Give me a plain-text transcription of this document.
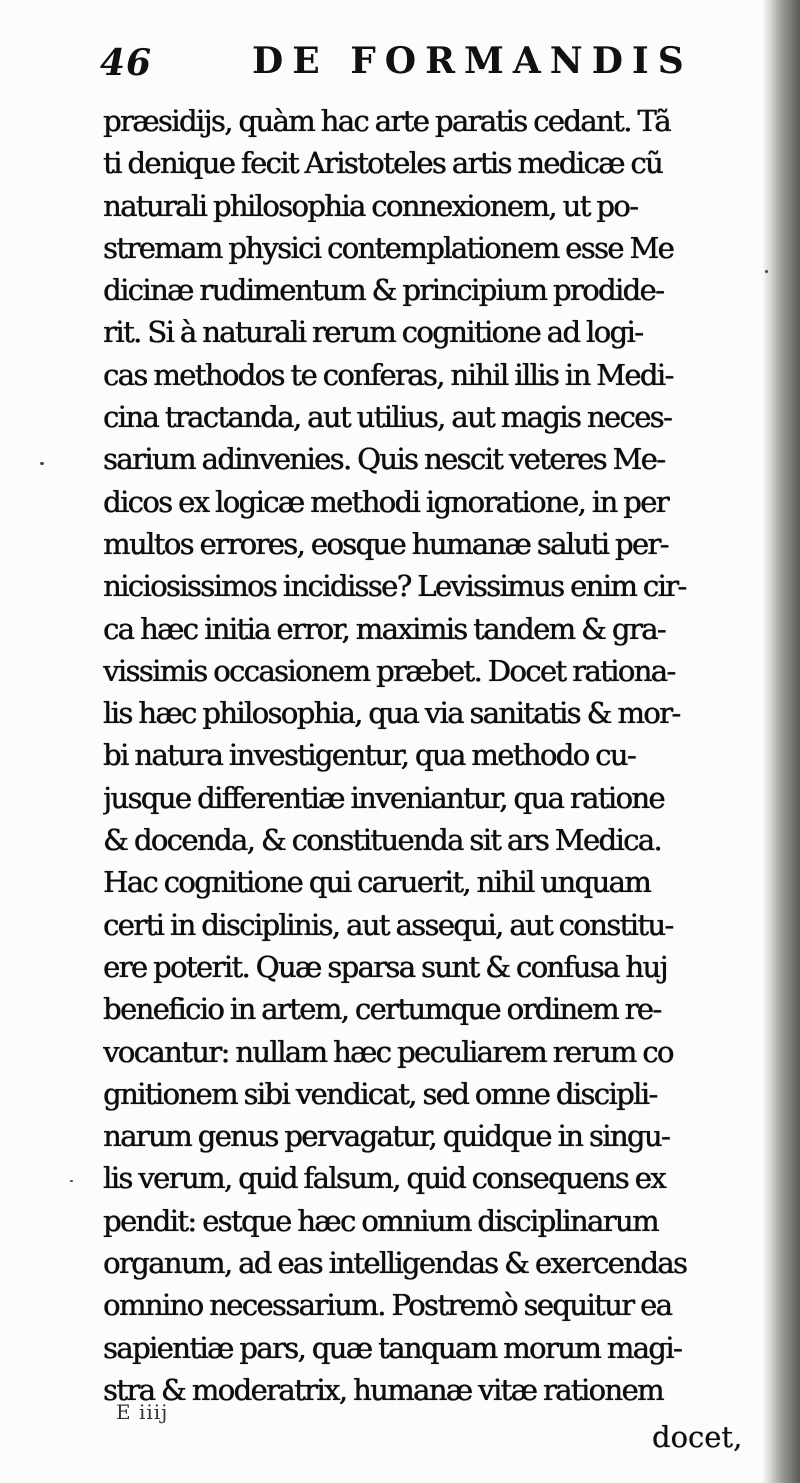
46	DE FORMANDIS
præsidijs, quàm hac arte paratis cedant. Tã
ti denique fecit Aristoteles artis medicæ cũ
naturali philosophia connexionem, ut po-
stremam physici contemplationem esse Me
dicinæ rudimentum & principium prodide-
rit. Si à naturali rerum cognitione ad logi-
cas methodos te conferas, nihil illis in Medi-
cina tractanda, aut utilius, aut magis neces-
sarium adinvenies. Quis nescit veteres Me-
dicos ex logicæ methodi ignoratione, in per
multos errores, eosque humanæ saluti per-
niciosissimos incidisse? Levissimus enim cir-
ca hæc initia error, maximis tandem & gra-
vissimis occasionem præbet. Docet rationa-
lis hæc philosophia, qua via sanitatis & mor-
bi natura investigentur, qua methodo cu-
jusque differentiæ inveniantur, qua ratione
& docenda, & constituenda sit ars Medica.
Hac cognitione qui caruerit, nihil unquam
certi in disciplinis, aut assequi, aut constitu-
ere poterit. Quæ sparsa sunt & confusa huj
beneficio in artem, certumque ordinem re-
vocantur: nullam hæc peculiarem rerum co
gnitionem sibi vendicat, sed omne discipli-
narum genus pervagatur, quidque in singu-
lis verum, quid falsum, quid consequens ex
pendit: estque hæc omnium disciplinarum
organum, ad eas intelligendas & exercendas
omnino necessarium. Postremò sequitur ea
sapientiæ pars, quæ tanquam morum magi-
stra & moderatrix, humanæ vitæ rationem
E iiij
docet,
